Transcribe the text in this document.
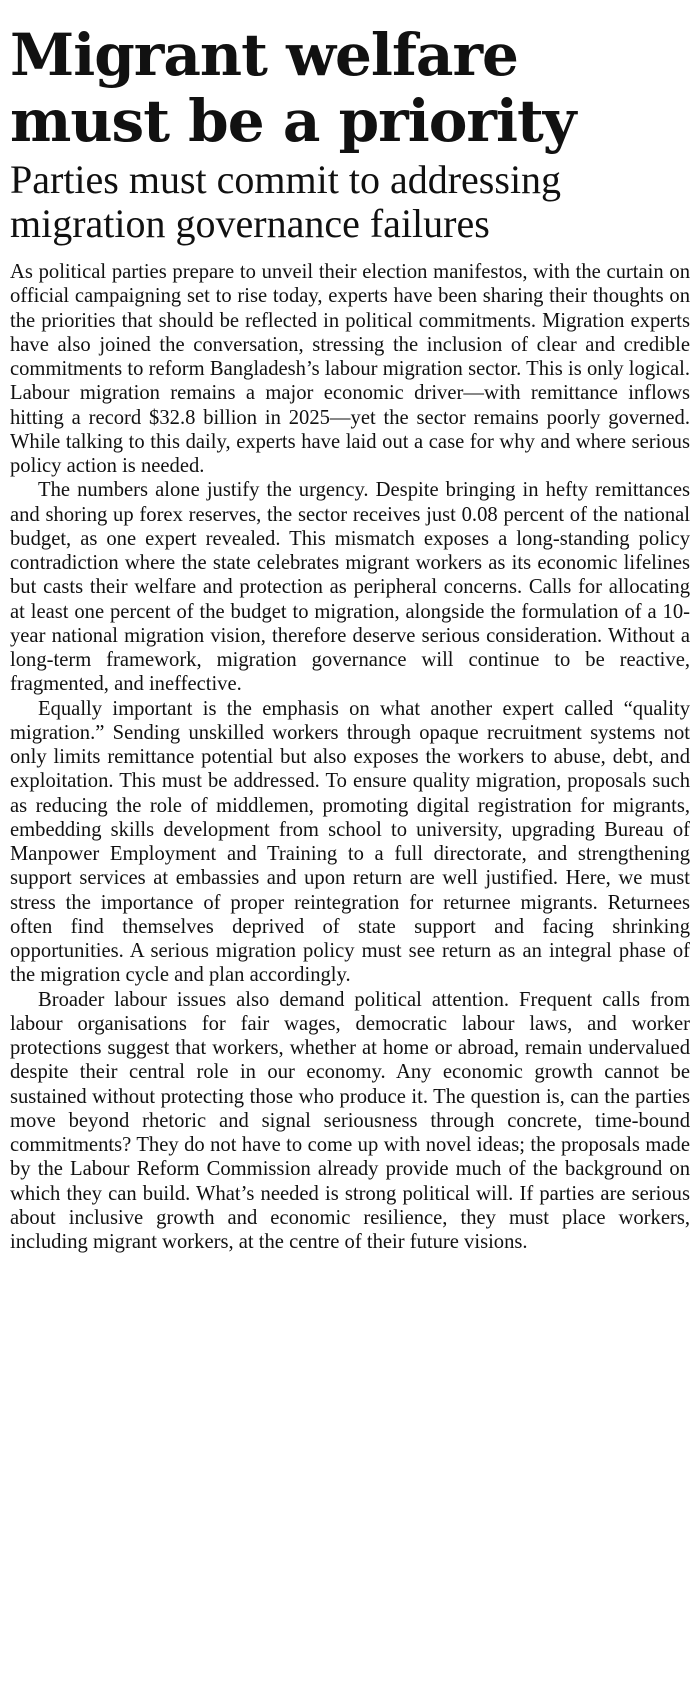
Migrant welfare
must be a priority
Parties must commit to addressing
migration governance failures

As political parties prepare to unveil their election manifestos, with the curtain on official campaigning set to rise today, experts have been sharing their thoughts on the priorities that should be reflected in political commitments. Migration experts have also joined the conversation, stressing the inclusion of clear and credible commitments to reform Bangladesh’s labour migration sector. This is only logical. Labour migration remains a major economic driver—with remittance inflows hitting a record $32.8 billion in 2025—yet the sector remains poorly governed. While talking to this daily, experts have laid out a case for why and where serious policy action is needed.

The numbers alone justify the urgency. Despite bringing in hefty remittances and shoring up forex reserves, the sector receives just 0.08 percent of the national budget, as one expert revealed. This mismatch exposes a long-standing policy contradiction where the state celebrates migrant workers as its economic lifelines but casts their welfare and protection as peripheral concerns. Calls for allocating at least one percent of the budget to migration, alongside the formulation of a 10-year national migration vision, therefore deserve serious consideration. Without a long-term framework, migration governance will continue to be reactive, fragmented, and ineffective.

Equally important is the emphasis on what another expert called “quality migration.” Sending unskilled workers through opaque recruitment systems not only limits remittance potential but also exposes the workers to abuse, debt, and exploitation. This must be addressed. To ensure quality migration, proposals such as reducing the role of middlemen, promoting digital registration for migrants, embedding skills development from school to university, upgrading Bureau of Manpower Employment and Training to a full directorate, and strengthening support services at embassies and upon return are well justified. Here, we must stress the importance of proper reintegration for returnee migrants. Returnees often find themselves deprived of state support and facing shrinking opportunities. A serious migration policy must see return as an integral phase of the migration cycle and plan accordingly.

Broader labour issues also demand political attention. Frequent calls from labour organisations for fair wages, democratic labour laws, and worker protections suggest that workers, whether at home or abroad, remain undervalued despite their central role in our economy. Any economic growth cannot be sustained without protecting those who produce it. The question is, can the parties move beyond rhetoric and signal seriousness through concrete, time-bound commitments? They do not have to come up with novel ideas; the proposals made by the Labour Reform Commission already provide much of the background on which they can build. What’s needed is strong political will. If parties are serious about inclusive growth and economic resilience, they must place workers, including migrant workers, at the centre of their future visions.
